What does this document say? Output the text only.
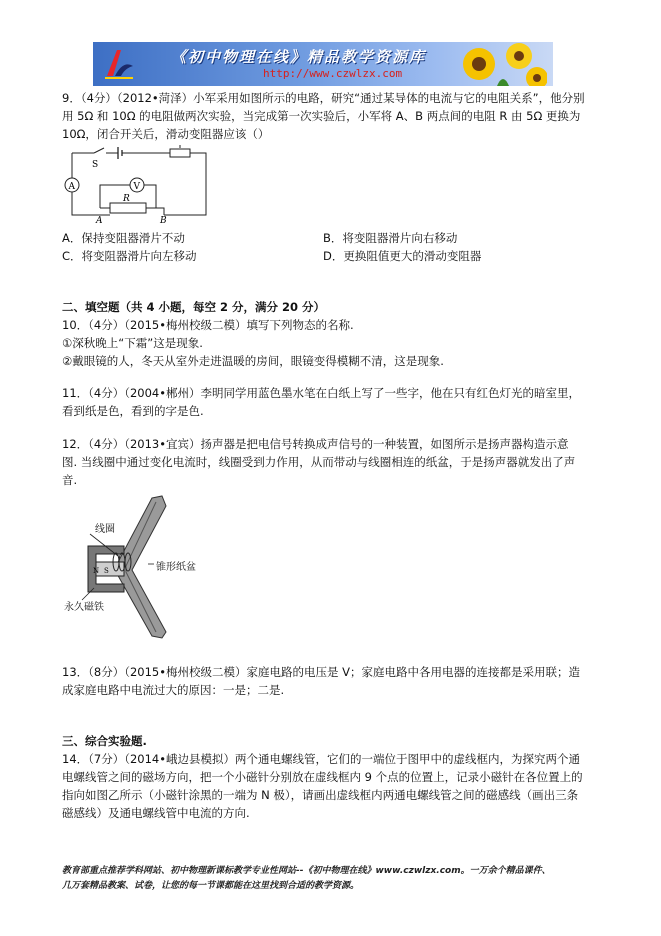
《初中物理在线》精品教学资源库
http://www.czwlzx.com
9．（4分）（2012•菏泽）小军采用如图所示的电路，研究“通过某导体的电流与它的电阻关系”，他分别
用 5Ω 和 10Ω 的电阻做两次实验，当完成第一次实验后，小军将 A、B 两点间的电阻 R 由 5Ω 更换为
10Ω，闭合开关后，滑动变阻器应该（）
S
A	V
R
A	B
A．保持变阻器滑片不动	B．将变阻器滑片向右移动
C．将变阻器滑片向左移动	D．更换阻值更大的滑动变阻器
二、填空题（共 4 小题，每空 2 分，满分 20 分）
10．（4分）（2015•梅州校级二模）填写下列物态的名称.
①深秋晚上“下霜”这是现象.
②戴眼镜的人，冬天从室外走进温暖的房间，眼镜变得模糊不清，这是现象.
11．（4分）（2004•郴州）李明同学用蓝色墨水笔在白纸上写了一些字，他在只有红色灯光的暗室里，
看到纸是色，看到的字是色.
12．（4分）（2013•宜宾）扬声器是把电信号转换成声信号的一种装置，如图所示是扬声器构造示意
图. 当线圈中通过变化电流时，线圈受到力作用，从而带动与线圈相连的纸盆，于是扬声器就发出了声
音.
N S
线圈
锥形纸盆
永久磁铁
13．（8分）（2015•梅州校级二模）家庭电路的电压是 V；家庭电路中各用电器的连接都是采用联；造
成家庭电路中电流过大的原因：一是；二是.
三、综合实验题.
14．（7分）（2014•峨边县模拟）两个通电螺线管，它们的一端位于图甲中的虚线框内，为探究两个通
电螺线管之间的磁场方向，把一个小磁针分别放在虚线框内 9 个点的位置上，记录小磁针在各位置上的
指向如图乙所示（小磁针涂黑的一端为 N 极），请画出虚线框内两通电螺线管之间的磁感线（画出三条
磁感线）及通电螺线管中电流的方向.
教育部重点推荐学科网站、初中物理新课标教学专业性网站--《初中物理在线》www.czwlzx.com。一万余个精品课件、
几万套精品教案、试卷，让您的每一节课都能在这里找到合适的教学资源。
